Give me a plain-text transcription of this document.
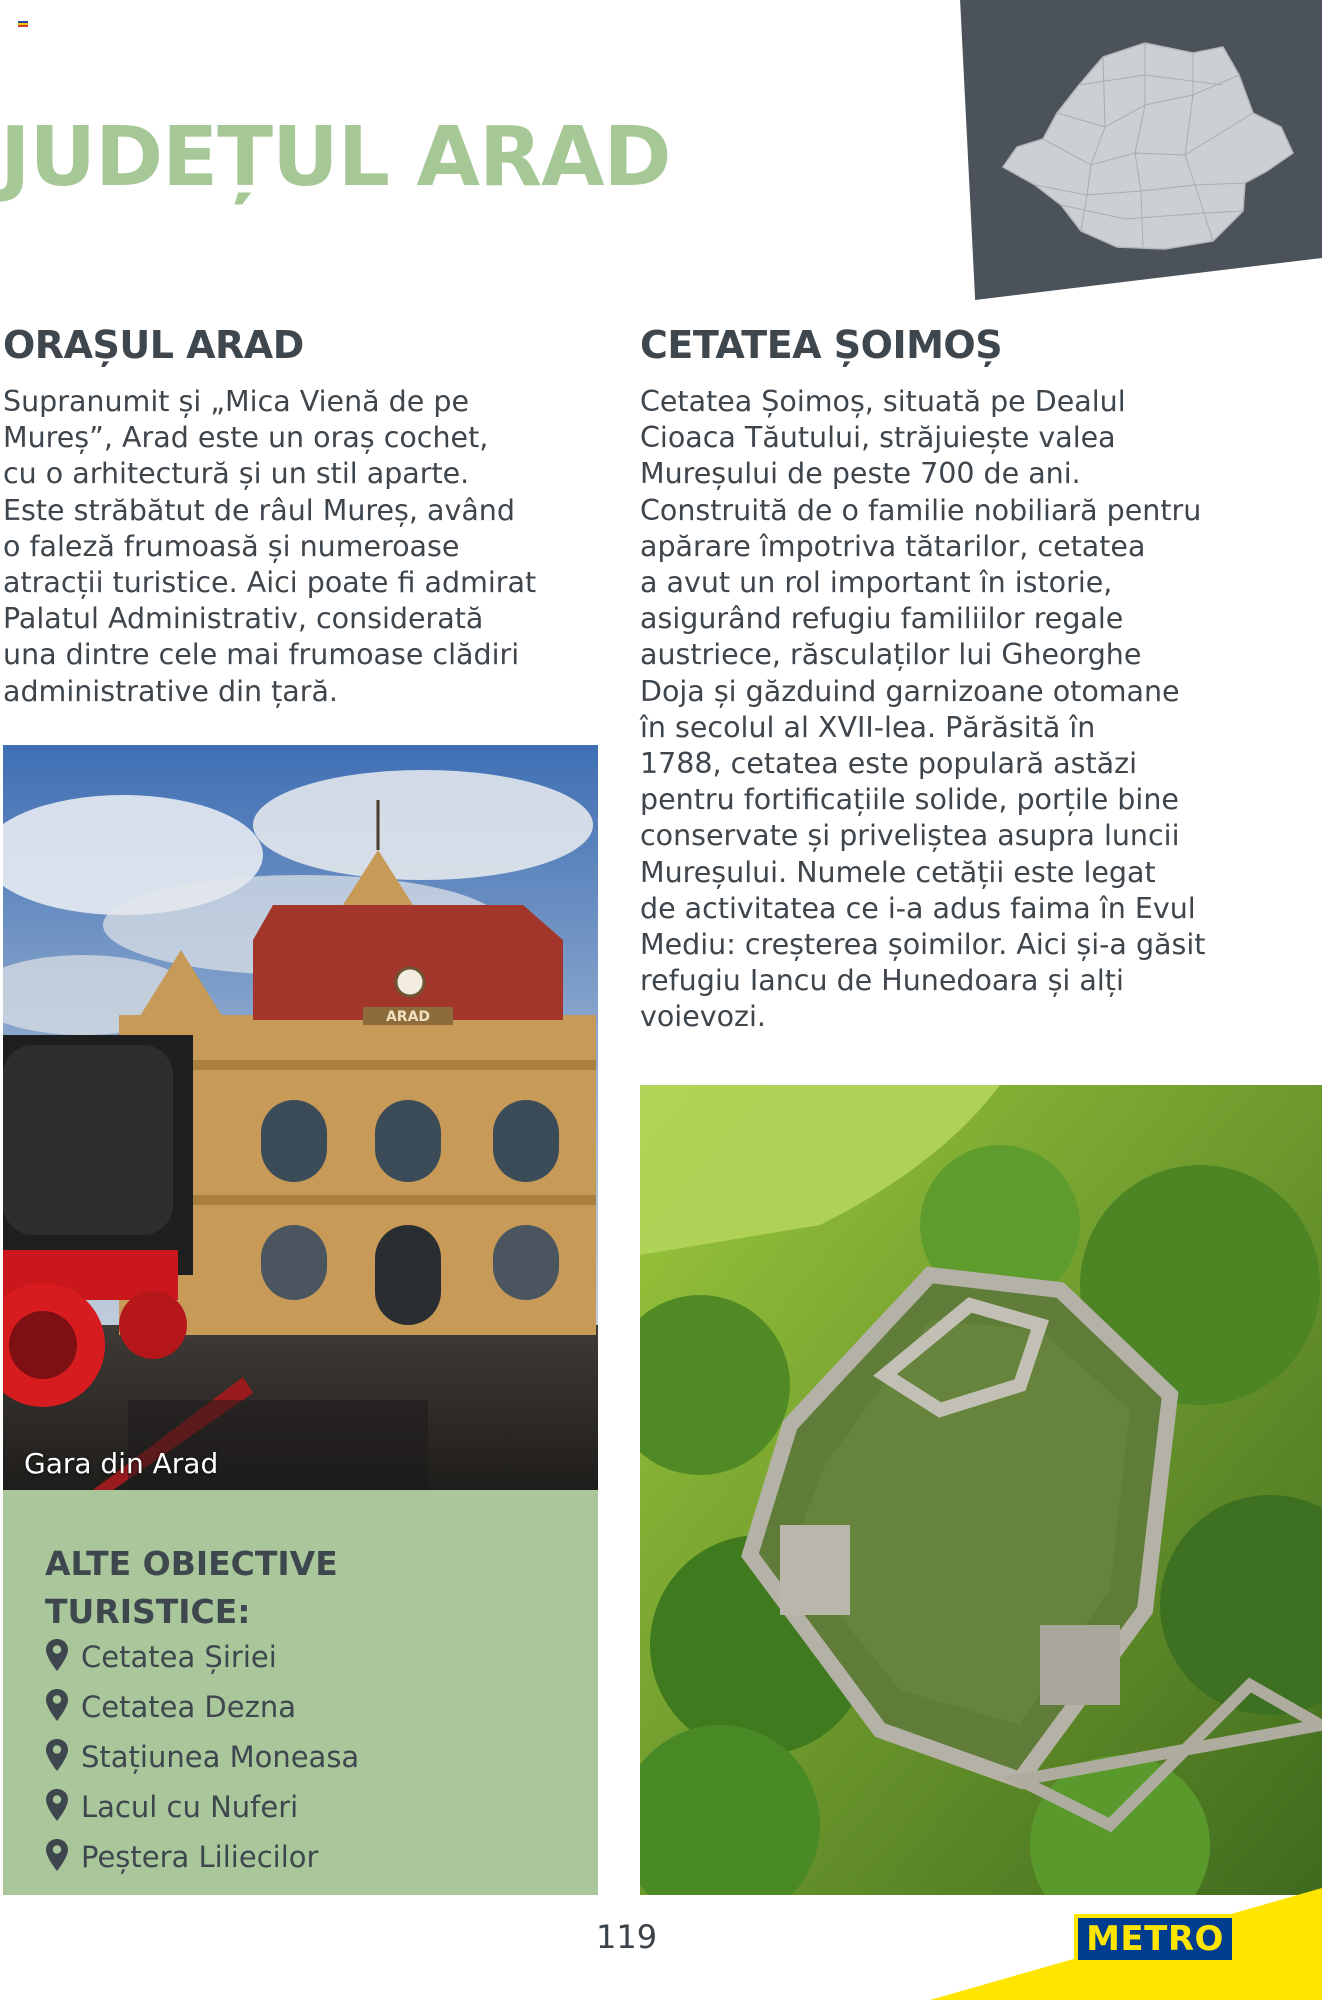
JUDEȚUL ARAD
ORAȘUL ARAD
Supranumit și „Mica Vienă de pe
Mureș”, Arad este un oraș cochet,
cu o arhitectură și un stil aparte.
Este străbătut de râul Mureș, având
o faleză frumoasă și numeroase
atracții turistice. Aici poate fi admirat
Palatul Administrativ, considerată
una dintre cele mai frumoase clădiri
administrative din țară.
CETATEA ȘOIMOȘ
Cetatea Șoimoș, situată pe Dealul
Cioaca Tăutului, străjuiește valea
Mureșului de peste 700 de ani.
Construită de o familie nobiliară pentru
apărare împotriva tătarilor, cetatea
a avut un rol important în istorie,
asigurând refugiu familiilor regale
austriece, răsculaților lui Gheorghe
Doja și găzduind garnizoane otomane
în secolul al XVII-lea. Părăsită în
1788, cetatea este populară astăzi
pentru fortificațiile solide, porțile bine
conservate și priveliștea asupra luncii
Mureșului. Numele cetății este legat
de activitatea ce i-a adus faima în Evul
Mediu: creșterea șoimilor. Aici și-a găsit
refugiu Iancu de Hunedoara și alți
voievozi.
ARAD
Gara din Arad
ALTE OBIECTIVE
TURISTICE:
Cetatea Șiriei
Cetatea Dezna
Stațiunea Moneasa
Lacul cu Nuferi
Peștera Liliecilor
119	METRO
